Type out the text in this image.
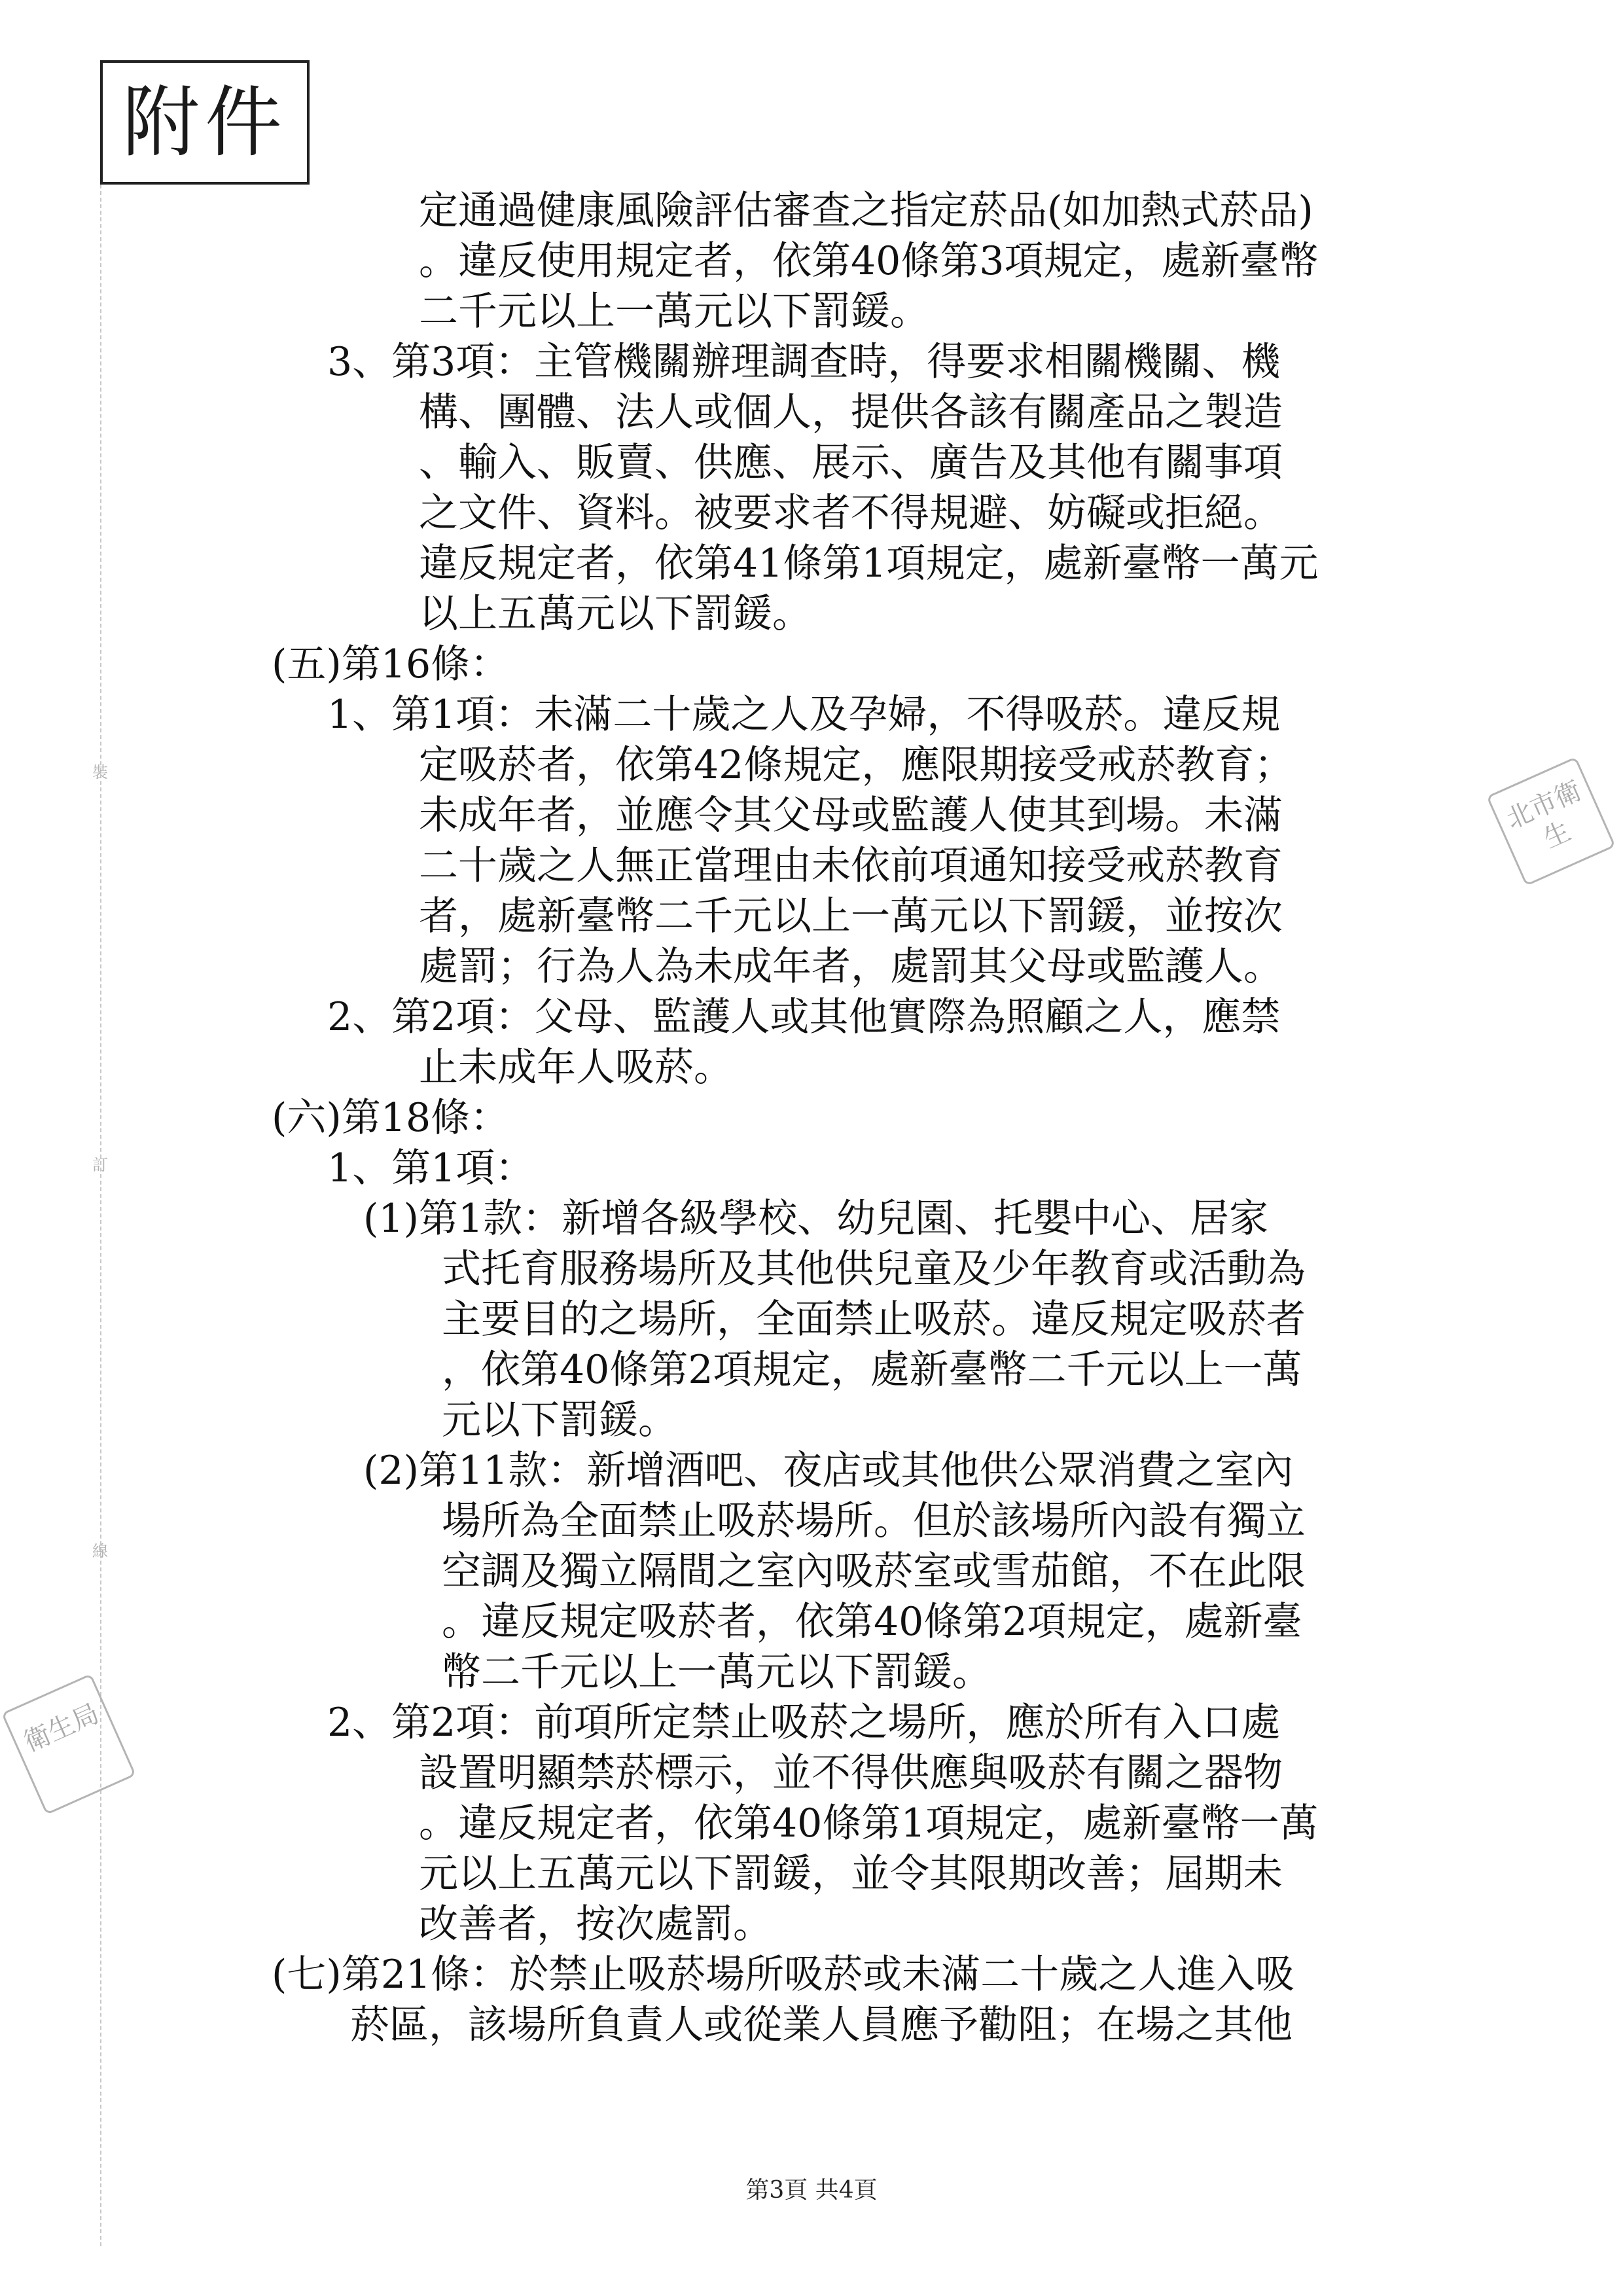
附件
裝
訂
線
北市衛生
衛生局
定通過健康風險評估審查之指定菸品(如加熱式菸品)
。違反使用規定者，依第40條第3項規定，處新臺幣
二千元以上一萬元以下罰鍰。
3、第3項：主管機關辦理調查時，得要求相關機關、機
構、團體、法人或個人，提供各該有關產品之製造
、輸入、販賣、供應、展示、廣告及其他有關事項
之文件、資料。被要求者不得規避、妨礙或拒絕。
違反規定者，依第41條第1項規定，處新臺幣一萬元
以上五萬元以下罰鍰。
(五)第16條：
1、第1項：未滿二十歲之人及孕婦，不得吸菸。違反規
定吸菸者，依第42條規定，應限期接受戒菸教育；
未成年者，並應令其父母或監護人使其到場。未滿
二十歲之人無正當理由未依前項通知接受戒菸教育
者，處新臺幣二千元以上一萬元以下罰鍰，並按次
處罰；行為人為未成年者，處罰其父母或監護人。
2、第2項：父母、監護人或其他實際為照顧之人，應禁
止未成年人吸菸。
(六)第18條：
1、第1項：
(1)第1款：新增各級學校、幼兒園、托嬰中心、居家
式托育服務場所及其他供兒童及少年教育或活動為
主要目的之場所，全面禁止吸菸。違反規定吸菸者
，依第40條第2項規定，處新臺幣二千元以上一萬
元以下罰鍰。
(2)第11款：新增酒吧、夜店或其他供公眾消費之室內
場所為全面禁止吸菸場所。但於該場所內設有獨立
空調及獨立隔間之室內吸菸室或雪茄館，不在此限
。違反規定吸菸者，依第40條第2項規定，處新臺
幣二千元以上一萬元以下罰鍰。
2、第2項：前項所定禁止吸菸之場所，應於所有入口處
設置明顯禁菸標示，並不得供應與吸菸有關之器物
。違反規定者，依第40條第1項規定，處新臺幣一萬
元以上五萬元以下罰鍰，並令其限期改善；屆期未
改善者，按次處罰。
(七)第21條：於禁止吸菸場所吸菸或未滿二十歲之人進入吸
菸區，該場所負責人或從業人員應予勸阻；在場之其他
第3頁 共4頁
